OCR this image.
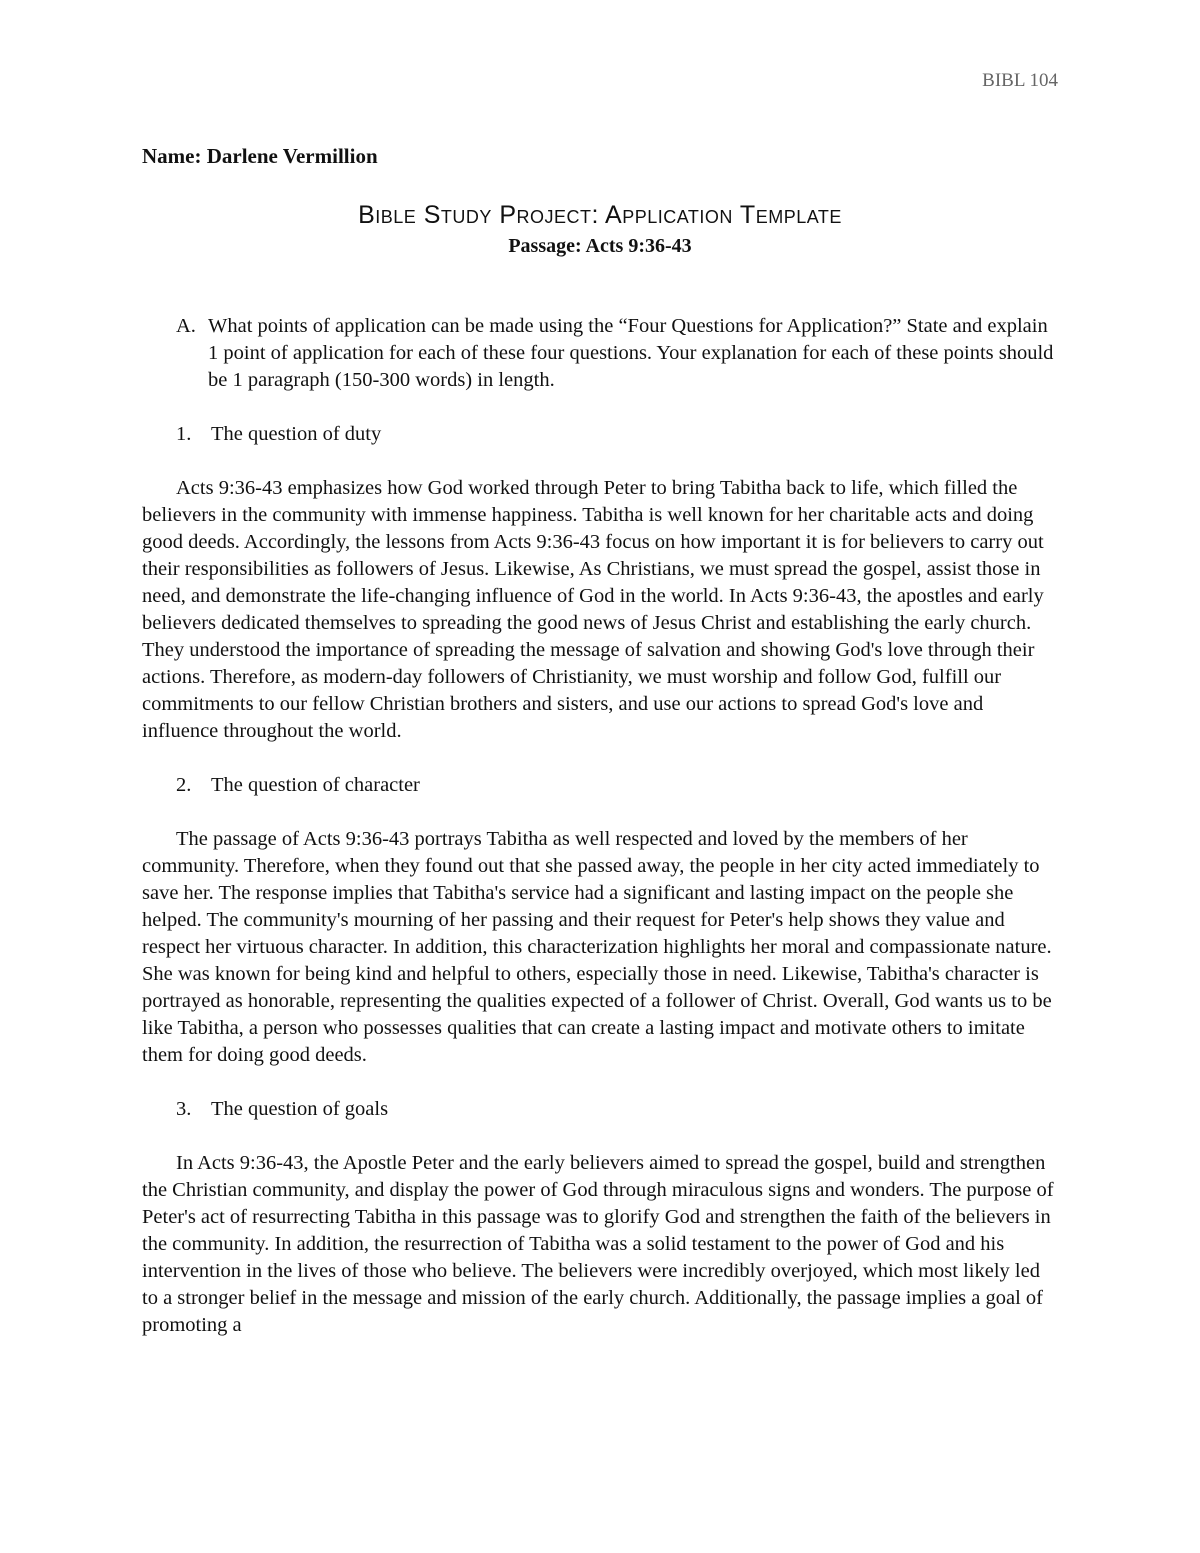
BIBL 104
Name: Darlene Vermillion
Bible Study Project: Application Template
Passage: Acts 9:36-43
A. What points of application can be made using the “Four Questions for Application?” State and explain 1 point of application for each of these four questions. Your explanation for each of these points should be 1 paragraph (150-300 words) in length.
1. The question of duty

Acts 9:36-43 emphasizes how God worked through Peter to bring Tabitha back to life, which filled the believers in the community with immense happiness. Tabitha is well known for her charitable acts and doing good deeds. Accordingly, the lessons from Acts 9:36-43 focus on how important it is for believers to carry out their responsibilities as followers of Jesus. Likewise, As Christians, we must spread the gospel, assist those in need, and demonstrate the life-changing influence of God in the world. In Acts 9:36-43, the apostles and early believers dedicated themselves to spreading the good news of Jesus Christ and establishing the early church. They understood the importance of spreading the message of salvation and showing God's love through their actions. Therefore, as modern-day followers of Christianity, we must worship and follow God, fulfill our commitments to our fellow Christian brothers and sisters, and use our actions to spread God's love and influence throughout the world.

2. The question of character

The passage of Acts 9:36-43 portrays Tabitha as well respected and loved by the members of her community. Therefore, when they found out that she passed away, the people in her city acted immediately to save her. The response implies that Tabitha's service had a significant and lasting impact on the people she helped. The community's mourning of her passing and their request for Peter's help shows they value and respect her virtuous character. In addition, this characterization highlights her moral and compassionate nature. She was known for being kind and helpful to others, especially those in need. Likewise, Tabitha's character is portrayed as honorable, representing the qualities expected of a follower of Christ. Overall, God wants us to be like Tabitha, a person who possesses qualities that can create a lasting impact and motivate others to imitate them for doing good deeds.

3. The question of goals

In Acts 9:36-43, the Apostle Peter and the early believers aimed to spread the gospel, build and strengthen the Christian community, and display the power of God through miraculous signs and wonders. The purpose of Peter's act of resurrecting Tabitha in this passage was to glorify God and strengthen the faith of the believers in the community. In addition, the resurrection of Tabitha was a solid testament to the power of God and his intervention in the lives of those who believe. The believers were incredibly overjoyed, which most likely led to a stronger belief in the message and mission of the early church. Additionally, the passage implies a goal of promoting a
